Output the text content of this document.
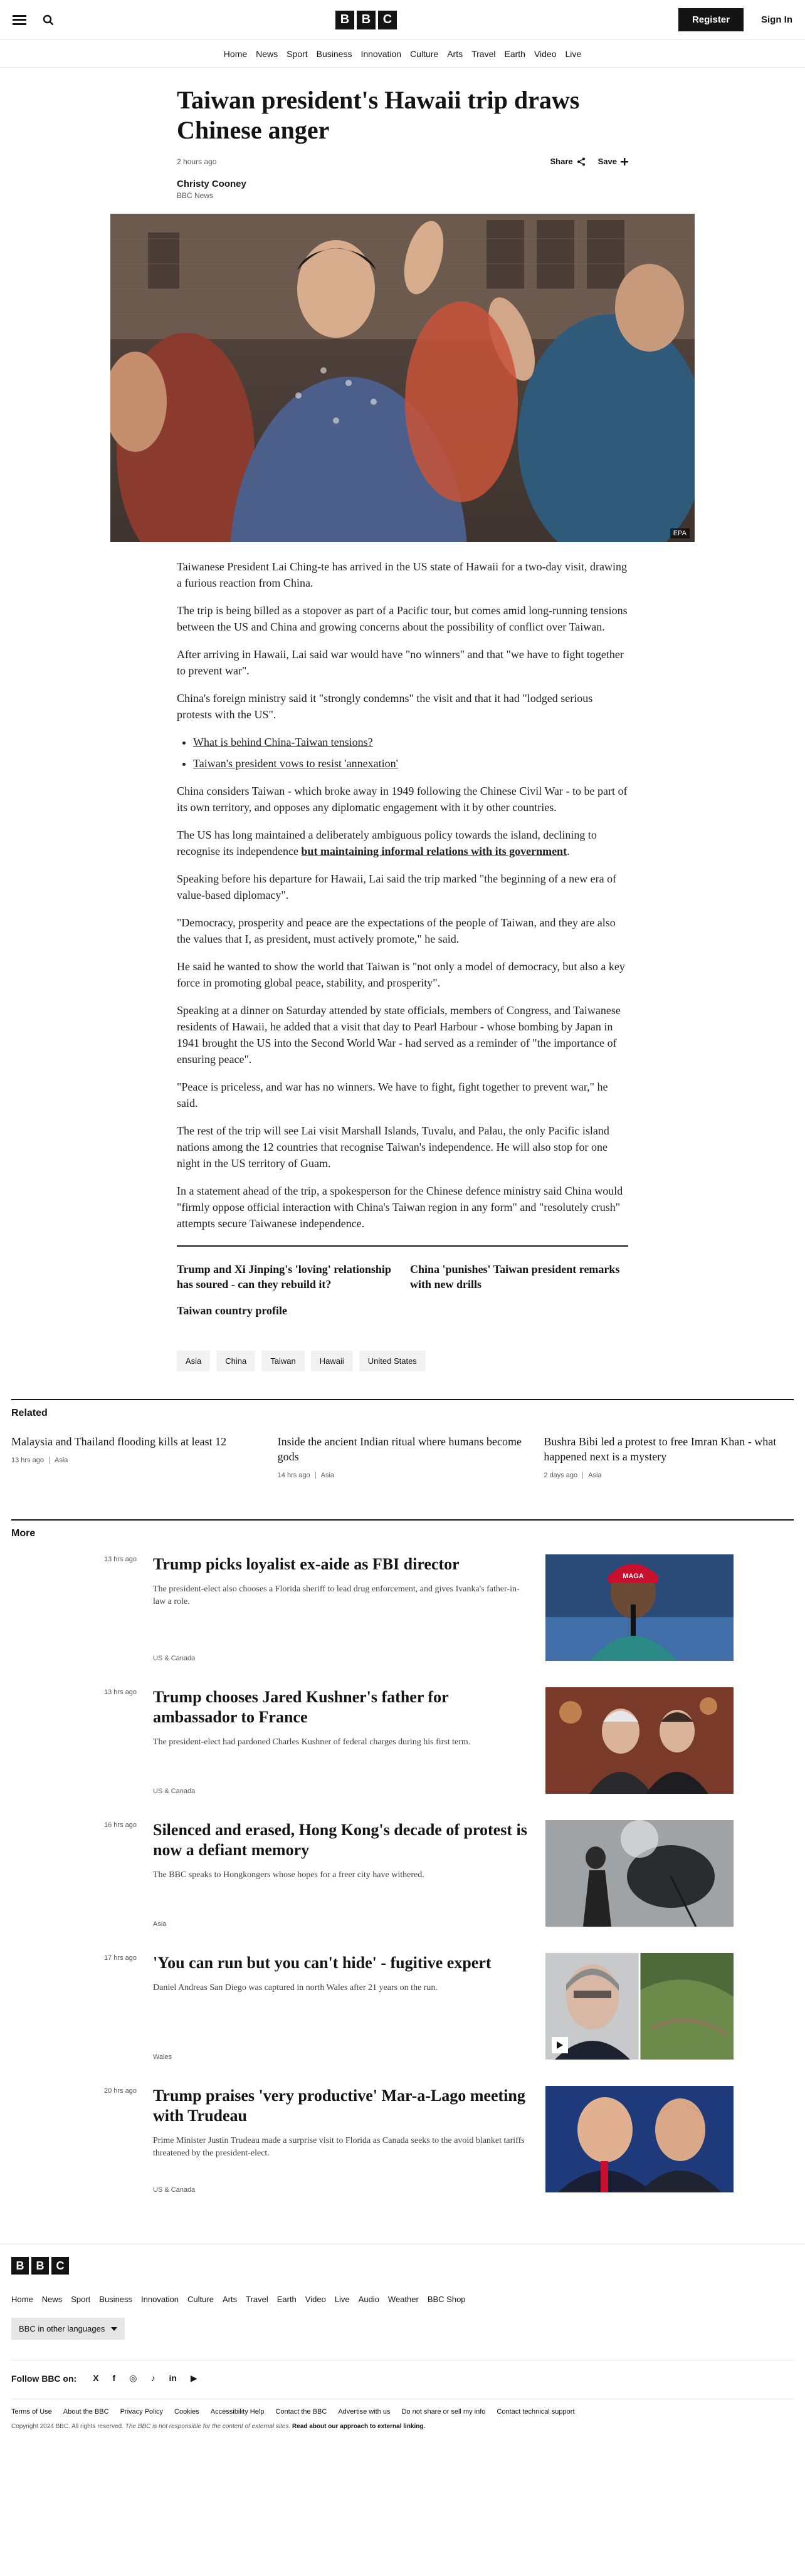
B B C	Register	Sign In
Home News Sport Business Innovation Culture Arts Travel Earth Video Live
Taiwan president's Hawaii trip draws Chinese anger
2 hours ago	Share	Save
Christy Cooney
BBC News
EPA

Taiwanese President Lai Ching-te has arrived in the US state of Hawaii for a two-day visit, drawing a furious reaction from China.

The trip is being billed as a stopover as part of a Pacific tour, but comes amid long-running tensions between the US and China and growing concerns about the possibility of conflict over Taiwan.

After arriving in Hawaii, Lai said war would have "no winners" and that "we have to fight together to prevent war".

China's foreign ministry said it "strongly condemns" the visit and that it had "lodged serious protests with the US".

• What is behind China-Taiwan tensions?
• Taiwan's president vows to resist 'annexation'

China considers Taiwan - which broke away in 1949 following the Chinese Civil War - to be part of its own territory, and opposes any diplomatic engagement with it by other countries.

The US has long maintained a deliberately ambiguous policy towards the island, declining to recognise its independence but maintaining informal relations with its government.

Speaking before his departure for Hawaii, Lai said the trip marked "the beginning of a new era of value-based diplomacy".

"Democracy, prosperity and peace are the expectations of the people of Taiwan, and they are also the values that I, as president, must actively promote," he said.

He said he wanted to show the world that Taiwan is "not only a model of democracy, but also a key force in promoting global peace, stability, and prosperity".

Speaking at a dinner on Saturday attended by state officials, members of Congress, and Taiwanese residents of Hawaii, he added that a visit that day to Pearl Harbour - whose bombing by Japan in 1941 brought the US into the Second World War - had served as a reminder of "the importance of ensuring peace".

"Peace is priceless, and war has no winners. We have to fight, fight together to prevent war," he said.

The rest of the trip will see Lai visit Marshall Islands, Tuvalu, and Palau, the only Pacific island nations among the 12 countries that recognise Taiwan's independence. He will also stop for one night in the US territory of Guam.

In a statement ahead of the trip, a spokesperson for the Chinese defence ministry said China would "firmly oppose official interaction with China's Taiwan region in any form" and "resolutely crush" attempts secure Taiwanese independence.

Trump and Xi Jinping's 'loving' relationship has soured - can they rebuild it?
China 'punishes' Taiwan president remarks with new drills
Taiwan country profile
Asia	China	Taiwan	Hawaii	United States
Related
Malaysia and Thailand flooding kills at least 12
13 hrs ago Asia
Inside the ancient Indian ritual where humans become gods
14 hrs ago Asia
Bushra Bibi led a protest to free Imran Khan - what happened next is a mystery
2 days ago Asia
More
13 hrs ago Trump picks loyalist ex-aide as FBI director
The president-elect also chooses a Florida sheriff to lead drug enforcement, and gives Ivanka's father-in-law a role.
US & Canada
MAGA
13 hrs ago Trump chooses Jared Kushner's father for ambassador to France
The president-elect had pardoned Charles Kushner of federal charges during his first term.
US & Canada
16 hrs ago Silenced and erased, Hong Kong's decade of protest is now a defiant memory
The BBC speaks to Hongkongers whose hopes for a freer city have withered.
Asia
17 hrs ago 'You can run but you can't hide' - fugitive expert
Daniel Andreas San Diego was captured in north Wales after 21 years on the run.
Wales
20 hrs ago Trump praises 'very productive' Mar-a-Lago meeting with Trudeau
Prime Minister Justin Trudeau made a surprise visit to Florida as Canada seeks to the avoid blanket tariffs threatened by the president-elect.
US & Canada
B	B	C
Home News Sport Business Innovation Culture Arts Travel Earth Video Live Audio Weather BBC Shop
BBC in other languages
Follow BBC on: X f ◎ ♪ in ▶
Terms of Use About the BBC Privacy Policy Cookies Accessibility Help Contact the BBC Advertise with us Do not share or sell my info Contact technical support
Copyright 2024 BBC. All rights reserved. The BBC is not responsible for the content of external sites. Read about our approach to external linking.
